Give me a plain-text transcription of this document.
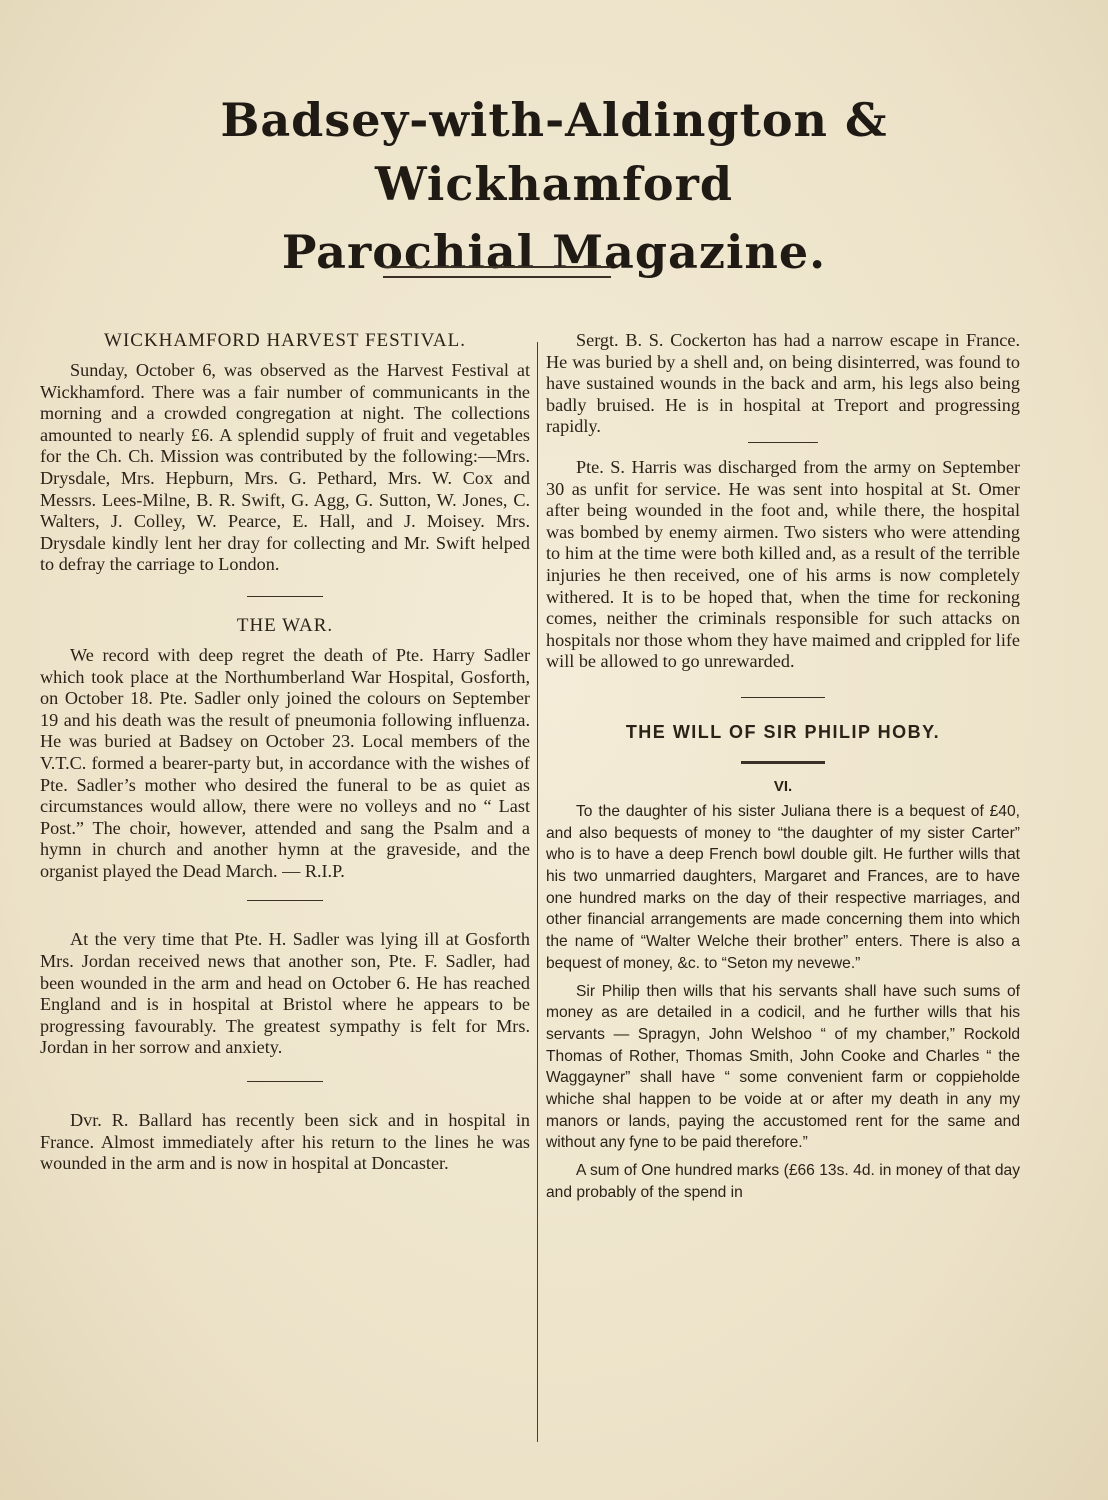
Badsey-with-Aldington & Wickhamford
Parochial Magazine.
WICKHAMFORD HARVEST FESTIVAL.

Sunday, October 6, was observed as the Harvest Festival at Wickhamford. There was a fair number of communicants in the morning and a crowded congregation at night. The collections amounted to nearly £6. A splendid supply of fruit and vegetables for the Ch. Ch. Mission was contributed by the following:—Mrs. Drysdale, Mrs. Hepburn, Mrs. G. Pethard, Mrs. W. Cox and Messrs. Lees-Milne, B. R. Swift, G. Agg, G. Sutton, W. Jones, C. Walters, J. Colley, W. Pearce, E. Hall, and J. Moisey. Mrs. Drysdale kindly lent her dray for collecting and Mr. Swift helped to defray the carriage to London.

THE WAR.

We record with deep regret the death of Pte. Harry Sadler which took place at the Northumberland War Hospital, Gosforth, on October 18. Pte. Sadler only joined the colours on September 19 and his death was the result of pneumonia following influenza. He was buried at Badsey on October 23. Local members of the V.T.C. formed a bearer-party but, in accordance with the wishes of Pte. Sadler’s mother who desired the funeral to be as quiet as circumstances would allow, there were no volleys and no “ Last Post.” The choir, however, attended and sang the Psalm and a hymn in church and another hymn at the graveside, and the organist played the Dead March. — R.I.P.

At the very time that Pte. H. Sadler was lying ill at Gosforth Mrs. Jordan received news that another son, Pte. F. Sadler, had been wounded in the arm and head on October 6. He has reached England and is in hospital at Bristol where he appears to be progressing favourably. The greatest sympathy is felt for Mrs. Jordan in her sorrow and anxiety.

Dvr. R. Ballard has recently been sick and in hospital in France. Almost immediately after his return to the lines he was wounded in the arm and is now in hospital at Doncaster.

Sergt. B. S. Cockerton has had a narrow escape in France. He was buried by a shell and, on being disinterred, was found to have sustained wounds in the back and arm, his legs also being badly bruised. He is in hospital at Treport and progressing rapidly.

Pte. S. Harris was discharged from the army on September 30 as unfit for service. He was sent into hospital at St. Omer after being wounded in the foot and, while there, the hospital was bombed by enemy airmen. Two sisters who were attending to him at the time were both killed and, as a result of the terrible injuries he then received, one of his arms is now completely withered. It is to be hoped that, when the time for reckoning comes, neither the criminals responsible for such attacks on hospitals nor those whom they have maimed and crippled for life will be allowed to go unrewarded.

THE WILL OF SIR PHILIP HOBY.
VI.

To the daughter of his sister Juliana there is a bequest of £40, and also bequests of money to “the daughter of my sister Carter” who is to have a deep French bowl double gilt. He further wills that his two unmarried daughters, Margaret and Frances, are to have one hundred marks on the day of their respective marriages, and other financial arrangements are made concerning them into which the name of “Walter Welche their brother” enters. There is also a bequest of money, &c. to “Seton my nevewe.”

Sir Philip then wills that his servants shall have such sums of money as are detailed in a codicil, and he further wills that his servants — Spragyn, John Welshoo “ of my chamber,” Rockold Thomas of Rother, Thomas Smith, John Cooke and Charles “ the Waggayner” shall have “ some convenient farm or coppieholde whiche shal happen to be voide at or after my death in any my manors or lands, paying the accustomed rent for the same and without any fyne to be paid therefore.”

A sum of One hundred marks (£66 13s. 4d. in money of that day and probably of the spend in
